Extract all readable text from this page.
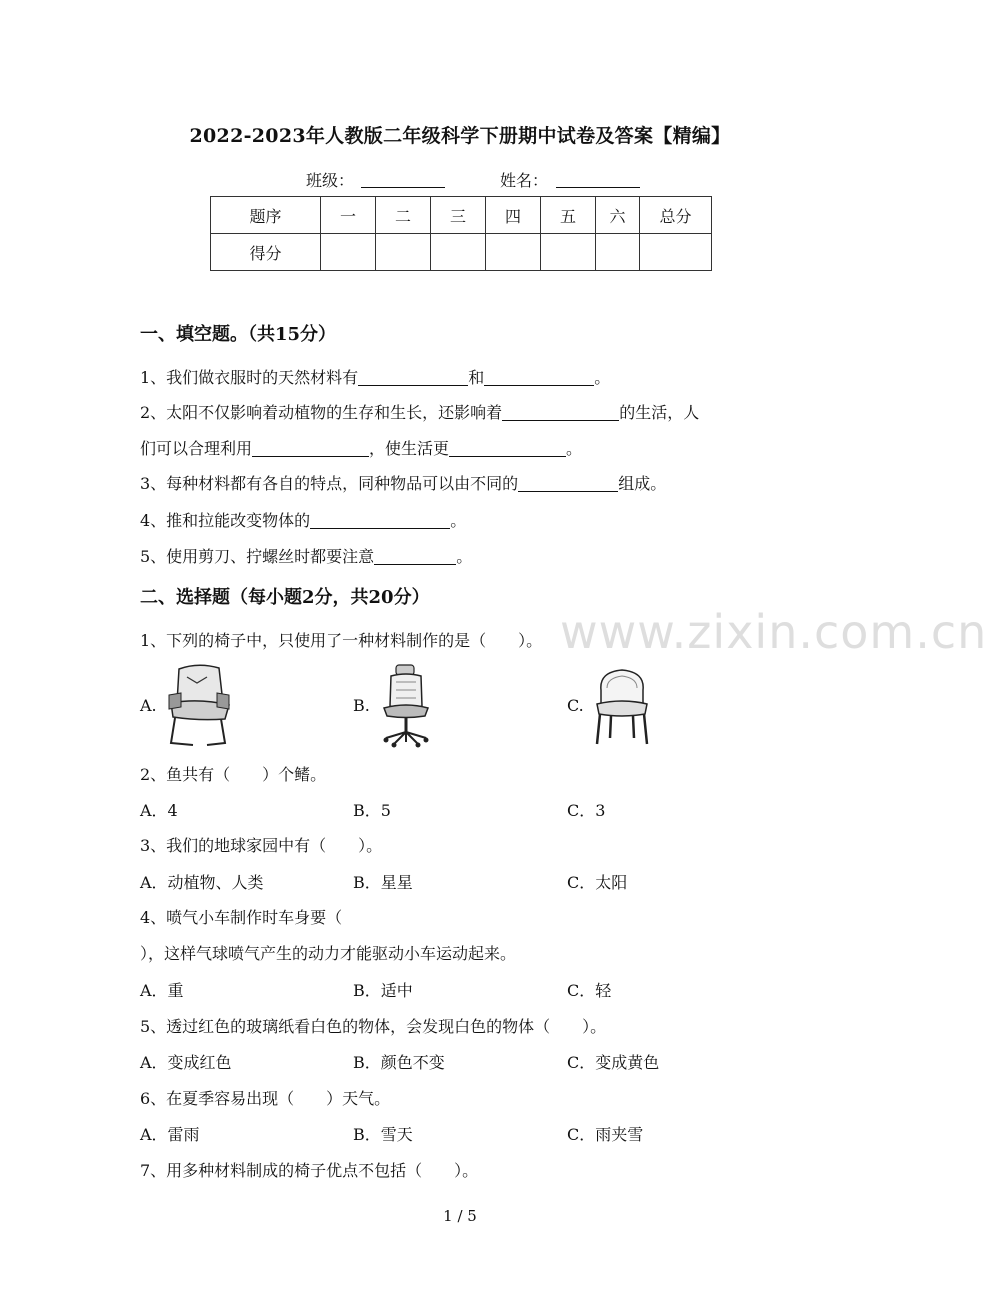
2022-2023年人教版二年级科学下册期中试卷及答案【精编】
班级：	姓名：
题序	一	二	三	四	五	六	总分
得分							
一、填空题。（共15分）
1、我们做衣服时的天然材料有	和	。
2、太阳不仅影响着动植物的生存和生长，还影响着	的生活，人
们可以合理利用	，使生活更	。
3、每种材料都有各自的特点，同种物品可以由不同的	组成。
4、推和拉能改变物体的	。
5、使用剪刀、拧螺丝时都要注意	。
二、选择题（每小题2分，共20分）
1、下列的椅子中，只使用了一种材料制作的是（　　）。
A.	B.	C.
2、鱼共有（　　）个鳍。
A．4	B．5	C．3
3、我们的地球家园中有（　　）。
A．动植物、人类	B．星星	C．太阳
4、喷气小车制作时车身要（
），这样气球喷气产生的动力才能驱动小车运动起来。
A．重	B．适中	C．轻
5、透过红色的玻璃纸看白色的物体，会发现白色的物体（　　）。
A．变成红色	B．颜色不变	C．变成黄色
6、在夏季容易出现（　　）天气。
A．雷雨	B．雪天	C．雨夹雪
7、用多种材料制成的椅子优点不包括（　　）。
www.zixin.com.cn
1 / 5
